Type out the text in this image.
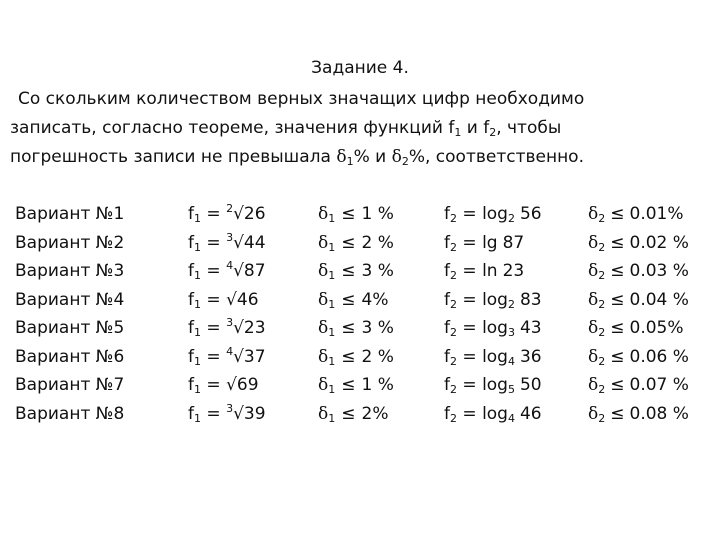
Задание 4.
Со скольким количеством верных значащих цифр необходимо
записать, согласно теореме, значения функций $f_1$ и $f_2$, чтобы
погрешность записи не превышала $\delta_1\%$ и $\delta_2\%$, соответственно.
Вариант №1	$f_1 = ^2√26$	$\delta_1 \le 1$ %	$f_2 = \log_2 56$	$\delta_2 \le 0.01\%$
Вариант №2	$f_1 = ^3√44$	$\delta_1 \le 2$ %	$f_2 = \lg 87$	$\delta_2 \le 0.02$ %
Вариант №3	$f_1 = ^4√87$	$\delta_1 \le 3$ %	$f_2 = \ln 23$	$\delta_2 \le 0.03$ %
Вариант №4	$f_1 = √46$	$\delta_1 \le 4\%$	$f_2 = \log_2 83$	$\delta_2 \le 0.04$ %
Вариант №5	$f_1 = ^3√23$	$\delta_1 \le 3$ %	$f_2 = \log_3 43$	$\delta_2 \le 0.05\%$
Вариант №6	$f_1 = ^4√37$	$\delta_1 \le 2$ %	$f_2 = \log_4 36$	$\delta_2 \le 0.06$ %
Вариант №7	$f_1 = √69$	$\delta_1 \le 1$ %	$f_2 = \log_5 50$	$\delta_2 \le 0.07$ %
Вариант №8	$f_1 = ^3√39$	$\delta_1 \le 2\%$	$f_2 = \log_4 46$	$\delta_2 \le 0.08$ %
